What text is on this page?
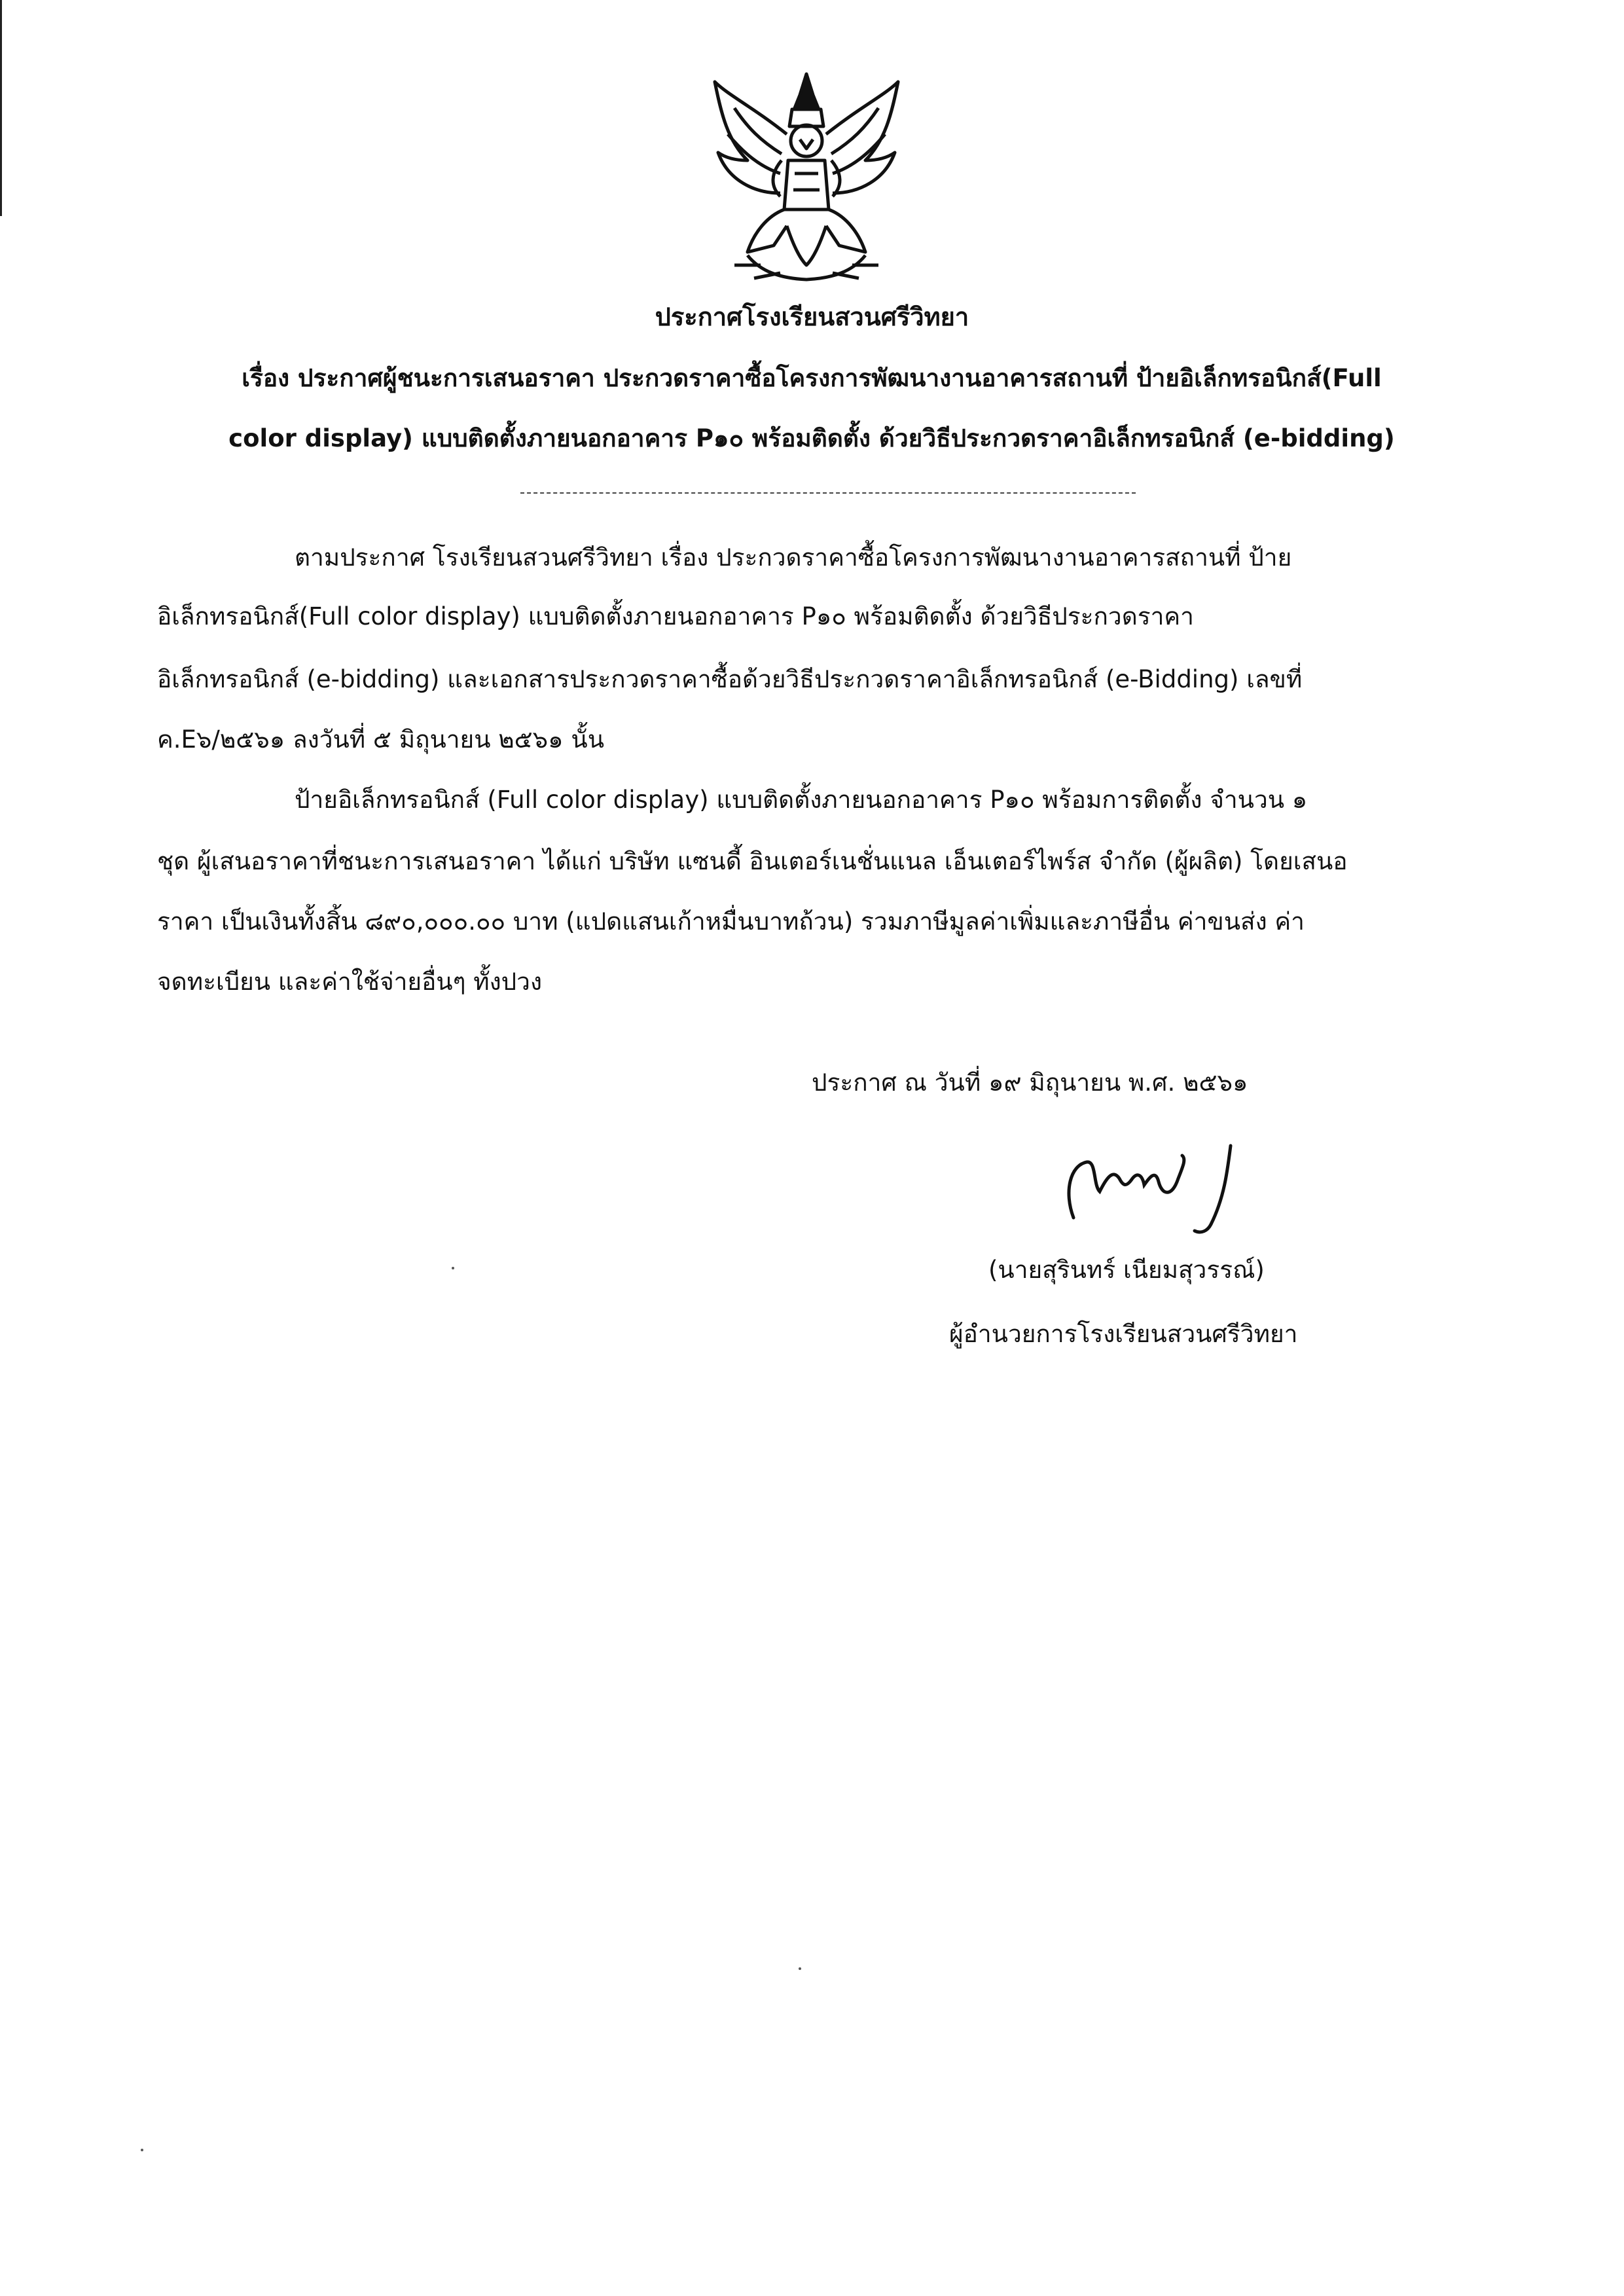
ประกาศโรงเรียนสวนศรีวิทยา
เรื่อง ประกาศผู้ชนะการเสนอราคา ประกวดราคาซื้อโครงการพัฒนางานอาคารสถานที่ ป้ายอิเล็กทรอนิกส์(Full
color display) แบบติดตั้งภายนอกอาคาร P๑๐ พร้อมติดตั้ง ด้วยวิธีประกวดราคาอิเล็กทรอนิกส์ (e-bidding)
ตามประกาศ โรงเรียนสวนศรีวิทยา เรื่อง ประกวดราคาซื้อโครงการพัฒนางานอาคารสถานที่ ป้าย
อิเล็กทรอนิกส์(Full color display) แบบติดตั้งภายนอกอาคาร P๑๐ พร้อมติดตั้ง ด้วยวิธีประกวดราคา
อิเล็กทรอนิกส์ (e-bidding) และเอกสารประกวดราคาซื้อด้วยวิธีประกวดราคาอิเล็กทรอนิกส์ (e-Bidding) เลขที่
ค.E๖/๒๕๖๑ ลงวันที่ ๕ มิถุนายน ๒๕๖๑ นั้น
ป้ายอิเล็กทรอนิกส์ (Full color display) แบบติดตั้งภายนอกอาคาร P๑๐ พร้อมการติดตั้ง จำนวน ๑
ชุด ผู้เสนอราคาที่ชนะการเสนอราคา ได้แก่ บริษัท แซนดี้ อินเตอร์เนชั่นแนล เอ็นเตอร์ไพร์ส จำกัด (ผู้ผลิต) โดยเสนอ
ราคา เป็นเงินทั้งสิ้น ๘๙๐,๐๐๐.๐๐ บาท (แปดแสนเก้าหมื่นบาทถ้วน) รวมภาษีมูลค่าเพิ่มและภาษีอื่น ค่าขนส่ง ค่า
จดทะเบียน และค่าใช้จ่ายอื่นๆ ทั้งปวง
ประกาศ ณ วันที่ ๑๙ มิถุนายน พ.ศ. ๒๕๖๑
(นายสุรินทร์ เนียมสุวรรณ์)
ผู้อำนวยการโรงเรียนสวนศรีวิทยา
